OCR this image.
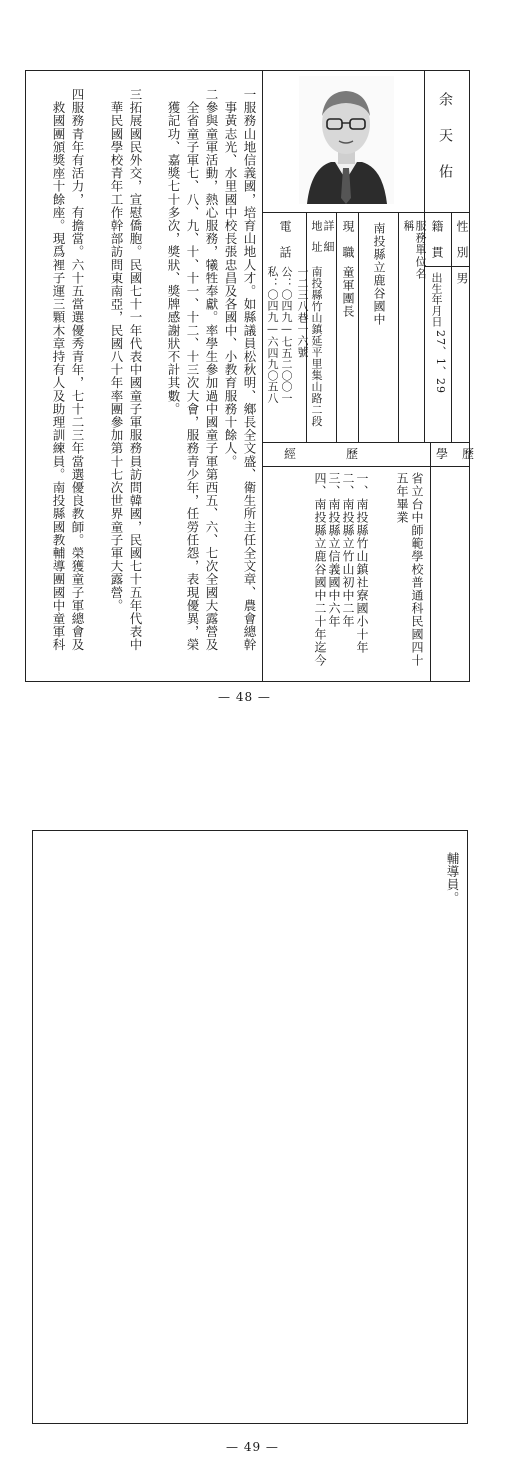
余天佑
性別
男
出生年月日
27、1、29
籍貫
服務單位名稱
南投縣立鹿谷國中
現職
童軍團長
詳細地址
南投縣竹山鎮延平里集山路二段
一二三八巷一六號
電話
公：〇四九—七五二〇〇一
私：〇四九—六四九〇五八
學歷
經歷
省立台中師範學校普通科民國四十
五年畢業
一、南投縣竹山鎮社寮國小十年
二、南投縣立竹山初中二年
三、南投縣立信義國中六年
四、南投縣立鹿谷國中二十年迄今
一服務山地信義國，培育山地人才。如縣議員松秋明、鄉長全文盛、衛生所主任全文章、農會總幹
　事黃志光、水里國中校長張忠昌及各國中、小教育服務十餘人。
二參與童軍活動，熱心服務，犧牲奉獻。率學生參加過中國童子軍第西五、六、七次全國大露營及
　全省童子軍七、八、九、十、十一、十二、十三次大會，服務青少年，任勞任怨，表現優異，榮
　獲記功、嘉獎七十多次，獎狀、獎牌感謝狀不計其數。
三拓展國民外交，宣慰僑胞。民國七十一年代表中國童子軍服務員訪問韓國，民國七十五年代表中
　華民國學校青年工作幹部訪問東南亞，民國八十年率團參加第十七次世界童子軍大露營。
四服務青年有活力，有擔當。六十五當選優秀青年，七十二三年當選優良教師。榮獲童子軍總會及
　救國團頒獎座十餘座。現爲裡子運三顆木章持有人及助理訓練員。南投縣國教輔導團國中童軍科
— 48 —
輔導員。
— 49 —
